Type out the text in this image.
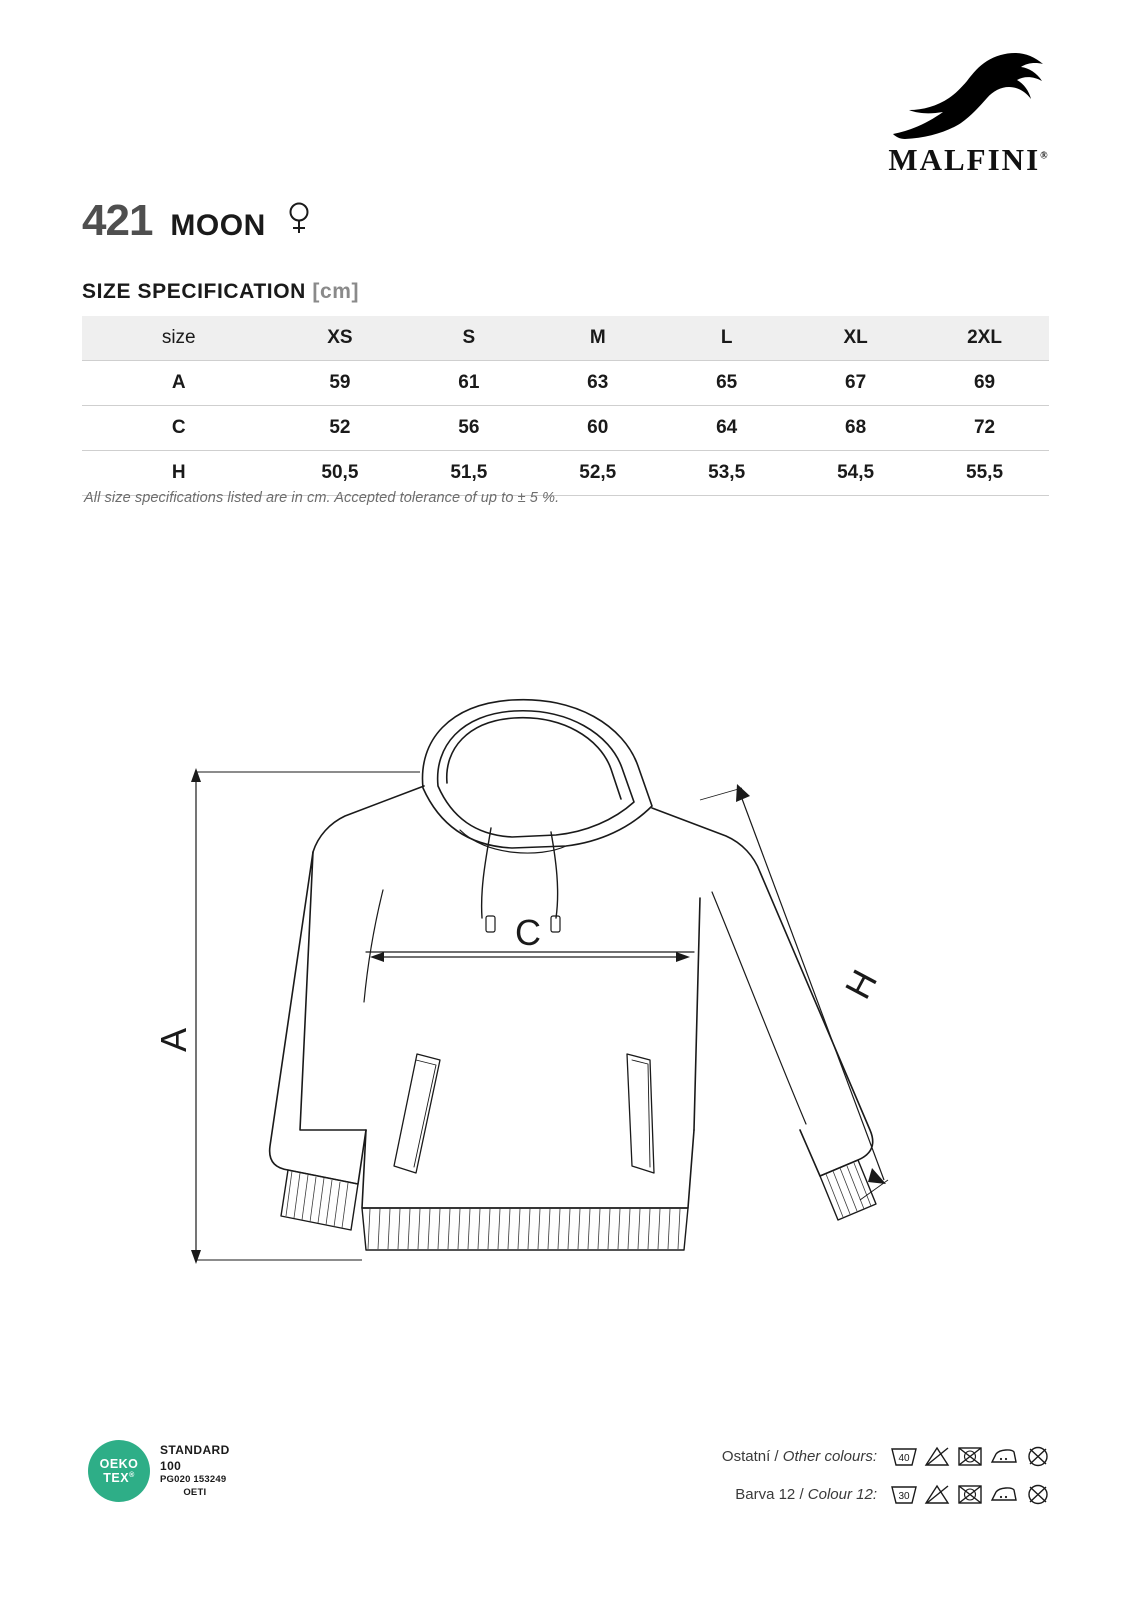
MALFINI®
421 MOON
SIZE SPECIFICATION [cm]
size	XS	S	M	L	XL	2XL
A	59	61	63	65	67	69
C	52	56	60	64	68	72
H	50,5	51,5	52,5	53,5	54,5	55,5
All size specifications listed are in cm. Accepted tolerance of up to ± 5 %.
A
C
H
OEKO
TEX®
STANDARD
100
PG020 153249
OETI
Ostatní / Other colours: 40
Barva 12 / Colour 12: 30
